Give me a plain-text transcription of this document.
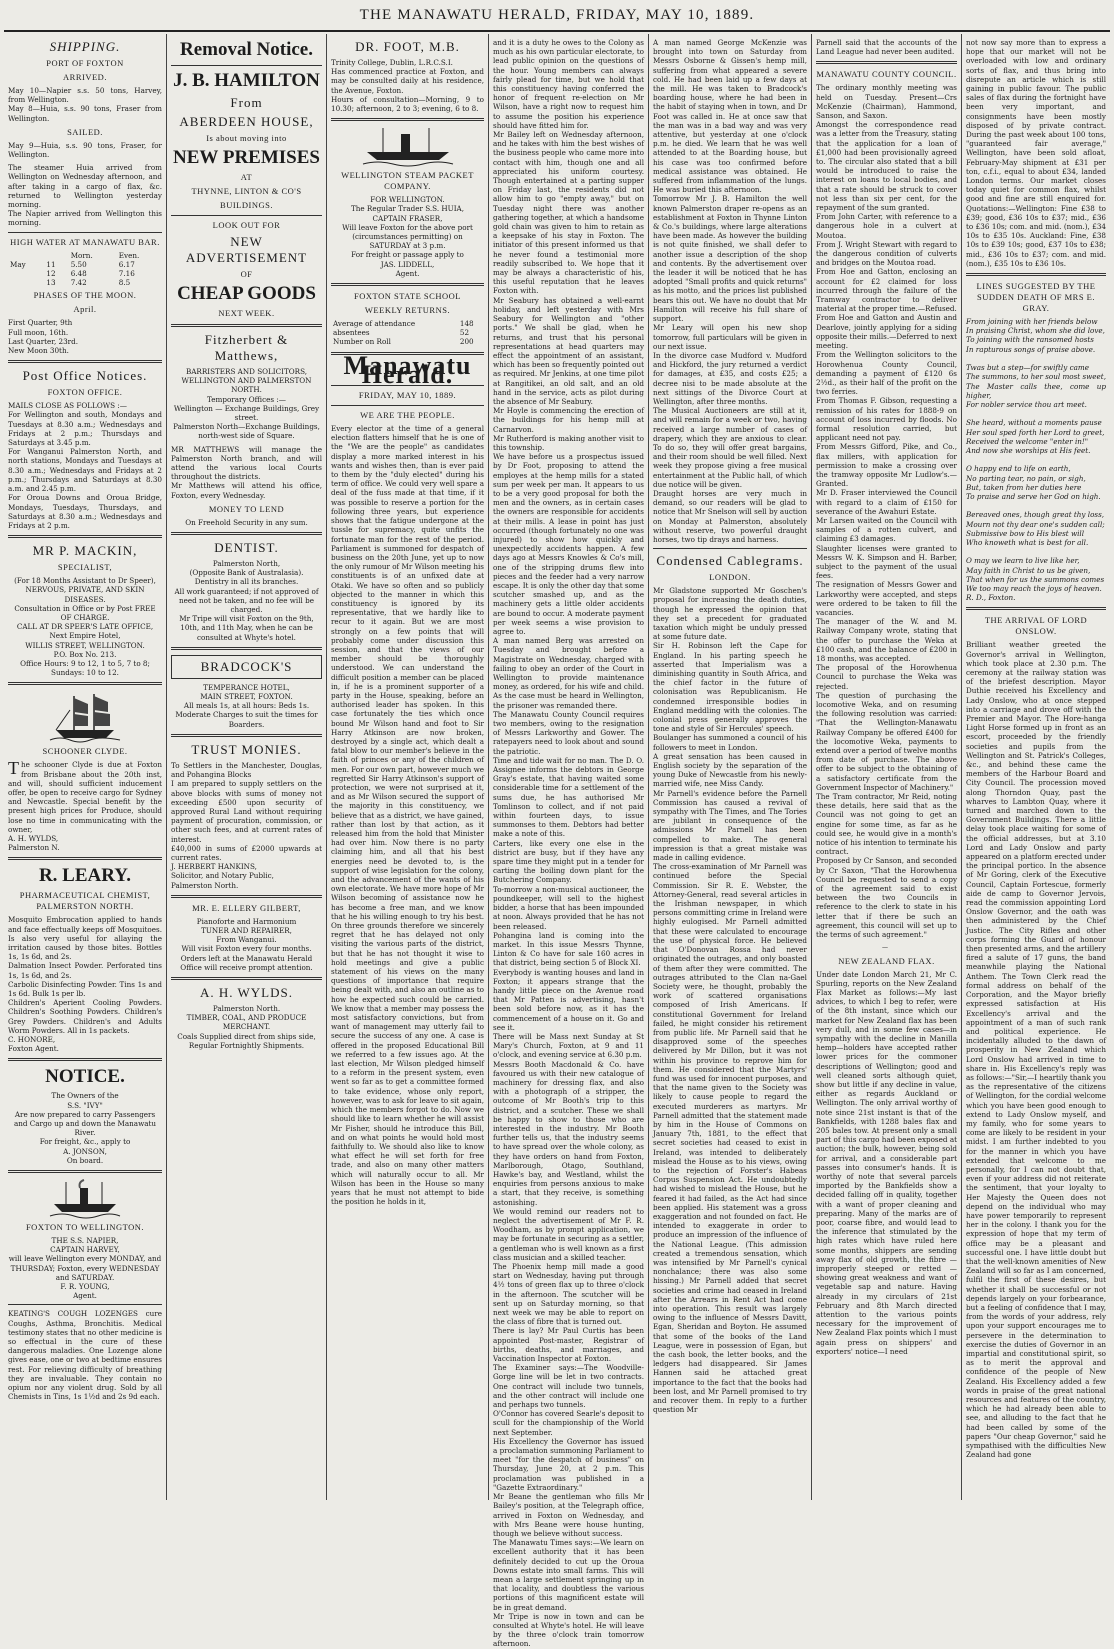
THE MANAWATU HERALD, FRIDAY, MAY 10, 1889.
SHIPPING.
PORT OF FOXTON
ARRIVED.
May 10—Napier s.s. 50 tons, Harvey, from Wellington.
May 8—Huia, s.s. 90 tons, Fraser from Wellington.
SAILED.
May 9—Huia, s.s. 90 tons, Fraser, for Wellington.
The steamer Huia arrived from Wellington on Wednesday afternoon, and after taking in a cargo of flax, &c. returned to Wellington yesterday morning.
The Napier arrived from Wellington this morning.
HIGH WATER AT MANAWATU BAR.
		Morn.	Even.
May	11	5.50	6.17
	12	6.48	7.16
	13	7.42	8.5
PHASES OF THE MOON.
April.
First Quarter, 9th
Full moon, 16th.
Last Quarter, 23rd.
New Moon 30th.
Post Office Notices.
FOXTON OFFICE.
MAILS CLOSE AS FOLLOWS :—
For Wellington and south, Mondays and Tuesdays at 8.30 a.m.; Wednesdays and Fridays at 2 p.m.; Thursdays and Saturdays at 3.45 p.m.
For Wanganui Palmerston North, and north stations, Mondays and Tuesdays at 8.30 a.m.; Wednesdays and Fridays at 2 p.m.; Thursdays and Saturdays at 8.30 a.m. and 2.45 p.m.
For Oroua Downs and Oroua Bridge, Mondays, Tuesdays, Thursdays, and Saturdays at 8.30 a.m.; Wednesdays and Fridays at 2 p.m.
MR P. MACKIN,
SPECIALIST,
(For 18 Months Assistant to Dr Speer),
NERVOUS, PRIVATE, AND SKIN DISEASES.
Consultation in Office or by Post FREE OF CHARGE.
CALL AT DR SPEER'S LATE OFFICE,
Next Empire Hotel,
WILLIS STREET, WELLINGTON.
P.O. Box No. 213.
Office Hours: 9 to 12, 1 to 5, 7 to 8; Sundays: 10 to 12.
SCHOONER CLYDE.
The schooner Clyde is due at Foxton from Brisbane about the 20th inst, and will, should sufficient inducement offer, be open to receive cargo for Sydney and Newcastle. Special benefit by the present high prices for Produce, should lose no time in communicating with the owner,
A. H. WYLDS,
Palmerston N.
R. LEARY.
PHARMACEUTICAL CHEMIST, PALMERSTON NORTH.
Mosquito Embrocation applied to hands and face effectually keeps off Mosquitoes. Is also very useful for allaying the irritation caused by those bites. Bottles 1s, 1s 6d, and 2s.
Dalmation Insect Powder. Perforated tins 1s, 1s 6d, and 2s.
Carbolic Disinfecting Powder. Tins 1s and 1s 6d. Bulk 1s per lb.
Children's Aperient Cooling Powders. Children's Soothing Powders. Children's Grey Powders. Children's and Adults Worm Powders. All in 1s packets.
C. HONORE,
Foxton Agent.
NOTICE.
The Owners of the
S.S. "IVY"
Are now prepared to carry Passengers and Cargo up and down the Manawatu River.
For freight, &c., apply to
A. JONSON,
On board.
FOXTON TO WELLINGTON.
THE S.S. NAPIER,
CAPTAIN HARVEY,
will leave Wellington every MONDAY, and THURSDAY; Foxton, every WEDNESDAY and SATURDAY.
F. R. YOUNG,
Agent.
KEATING'S COUGH LOZENGES cure Coughs, Asthma, Bronchitis. Medical testimony states that no other medicine is so effectual in the cure of these dangerous maladies. One Lozenge alone gives ease, one or two at bedtime ensures rest. For relieving difficulty of breathing they are invaluable. They contain no opium nor any violent drug. Sold by all Chemists in Tins, 1s 1½d and 2s 9d each.
Removal Notice.
J. B. HAMILTON
From
ABERDEEN HOUSE,
Is about moving into
NEW PREMISES
AT
THYNNE, LINTON & CO'S
BUILDINGS.
LOOK OUT FOR
NEW ADVERTISEMENT
OF
CHEAP GOODS
NEXT WEEK.
Fitzherbert & Matthews,
BARRISTERS AND SOLICITORS,
WELLINGTON AND PALMERSTON NORTH.
Temporary Offices :—
Wellington — Exchange Buildings, Grey street.
Palmerston North—Exchange Buildings, north-west side of Square.
MR MATTHEWS will manage the Palmerston North branch, and will attend the various local Courts throughout the districts.
Mr Matthews will attend his office, Foxton, every Wednesday.
MONEY TO LEND
On Freehold Security in any sum.
DENTIST.
Palmerston North,
(Opposite Bank of Australasia).
Dentistry in all its branches.
All work guaranteed; if not approved of need not be taken, and no fee will be charged.
Mr Tripe will visit Foxton on the 9th, 10th, and 11th May, when he can be consulted at Whyte's hotel.
BRADCOCK'S
TEMPERANCE HOTEL,
MAIN STREET, FOXTON.
All meals 1s, at all hours: Beds 1s.
Moderate Charges to suit the times for Boarders.
TRUST MONIES.
To Settlers in the Manchester, Douglas, and Pohangina Blocks
I am prepared to supply settlers on the above blocks with sums of money not exceeding £500 upon security of approved Rural Land without requiring payment of procuration, commission, or other such fees, and at current rates of interest.
£40,000 in sums of £2000 upwards at current rates.
J. HERBERT HANKINS,
Solicitor, and Notary Public,
Palmerston North.
MR. E. ELLERY GILBERT,
Pianoforte and Harmonium
TUNER AND REPAIRER,
From Wanganui.
Will visit Foxton every four months.
Orders left at the Manawatu Herald Office will receive prompt attention.
A. H. WYLDS.
Palmerston North.
TIMBER, COAL, AND PRODUCE MERCHANT.
Coals Supplied direct from ships side,
Regular Fortnightly Shipments.
DR. FOOT, M.B.
Trinity College, Dublin, L.R.C.S.I.
Has commenced practice at Foxton, and may be consulted daily at his residence, the Avenue, Foxton.
Hours of consultation—Morning, 9 to 10.30; afternoon, 2 to 3; evening, 6 to 8.
WELLINGTON STEAM PACKET COMPANY.
FOR WELLINGTON.
The Regular Trader S.S. HUIA,
CAPTAIN FRASER,
Will leave Foxton for the above port (circumstances permitting) on
SATURDAY at 3 p.m.
For freight or passage apply to
JAS. LIDDELL,
Agent.
FOXTON STATE SCHOOL
WEEKLY RETURNS.
Average of attendance	148
absentees	52
Number on Roll	200
Manawatu Herald.
FRIDAY, MAY 10, 1889.
WE ARE THE PEOPLE.
Every elector at the time of a general election flatters himself that he is one of the "We are the people" as candidates display a more marked interest in his wants and wishes then, than is ever paid to them by the "duly elected" during his term of office. We could very well spare a deal of the fuss made at that time, if it was possible to reserve a portion for the following three years, but experience shows that the fatigue undergone at the tussle for supremacy, quite unfits the fortunate man for the rest of the period. Parliament is summoned for despatch of business on the 20th June, yet up to now the only rumour of Mr Wilson meeting his constituents is of an unfixed date at Otaki. We have so often and so publicly objected to the manner in which this constituency is ignored by its representative, that we hardly like to recur to it again. But we are most strongly on a few points that will probably come under discussion this session, and that the views of our member should be thoroughly understood. We can understand the difficult position a member can be placed in, if he is a prominent supporter of a party in the House, speaking, before an authorised leader has spoken. In this case fortunately the ties which once bound Mr Wilson hand and foot to Sir Harry Atkinson are now broken, destroyed by a single act, which dealt a fatal blow to our member's believe in the faith of princes or any of the children of men. For our own part, however much we regretted Sir Harry Atkinson's support of protection, we were not surprised at it, and as Mr Wilson secured the support of the majority in this constituency, we believe that as a district, we have gained, rather than lost by that action, as it released him from the hold that Minister had over him. Now there is no party claiming him, and all that his best energies need be devoted to, is the support of wise legislation for the colony, and the advancement of the wants of his own electorate. We have more hope of Mr Wilson becoming of assistance now he has become a free man, and we know that he his willing enough to try his best. On three grounds therefore we sincerely regret that he has delayed not only visiting the various parts of the district, but that he has not thought it wise to hold meetings and give a public statement of his views on the many questions of importance that require being dealt with, and also an outline as to how he expected such could be carried. We know that a member may possess the most satisfactory convictions, but from want of management may utterly fail to secure the success of any one. A case is offered in the proposed Educational Bill we referred to a few issues ago. At the last election, Mr Wilson pledged himself to a reform in the present system, even went so far as to get a committee formed to take evidence, whose only report, however, was to ask for leave to sit again, which the members forgot to do. Now we should like to learn whether he will assist Mr Fisher, should he introduce this Bill, and on what points he would hold most faithfully to. We should also like to know what effect he will set forth for free trade, and also on many other matters which will naturally occur to all. Mr Wilson has been in the House so many years that he must not attempt to bide the position he holds in it,
and it is a duty he owes to the Colony as much as his own particular electorate, to lead public opinion on the questions of the hour. Young members can always fairly plead for time, but we hold that this constituency having conferred the honor of frequent re-election on Mr Wilson, have a right now to request him to assume the position his experience should have fitted him for.
Mr Bailey left on Wednesday afternoon, and he takes with him the best wishes of the business people who came more into contact with him, though one and all appreciated his uniform courtesy. Though entertained at a parting supper on Friday last, the residents did not allow him to go "empty away," but on Tuesday night there was another gathering together, at which a handsome gold chain was given to him to retain as a keepsake of his stay in Foxton. The initiator of this present informed us that he never found a testimonial more readily subscribed to. We hope that it may be always a characteristic of his, this useful reputation that he leaves Foxton with.
Mr Seabury has obtained a well-earnt holiday, and left yesterday with Mrs Seabury for Wellington and "other ports." We shall be glad, when he returns, and trust that his personal representations at head quarters may effect the appointment of an assistant, which has been so frequently pointed out as required. Mr Jenkins, at one time pilot at Rangitikei, an old salt, and an old hand in the service, acts as pilot during the absence of Mr Seabury.
Mr Hoyle is commencing the erection of the buildings for his hemp mill at Carnarvon.
Mr Rutherford is making another visit to this township.
We have before us a prospectus issued by Dr Foot, proposing to attend the employes at the hemp mills for a stated sum per week per man. It appears to us to be a very good proposal for both the men and the owners, as in certain cases the owners are responsible for accidents at their mills. A lease in point has just occurred (though fortunately no one was injured) to show how quickly and unexpectedly accidents happen. A few days ago at Messrs Knowles & Co's mill, one of the stripping drums flew into pieces and the feeder had a very narrow escape. It is only the other day that some scutcher smashed up, and as the machinery gets a little older accidents are bound to occur. A moderate payment per week seems a wise provision to agree to.
A man named Berg was arrested on Tuesday and brought before a Magistrate on Wednesday, charged with failing to obey an order of the Court in Wellington to provide maintenance money, as ordered, for his wife and child. As the case must be heard in Wellington, the prisoner was remanded there.
The Manawatu County Council requires two members, owing to the resignation of Messrs Larkworthy and Gower. The ratepayers need to look about and sound the patriotic.
Time and tide wait for no man. The D. O. Assignee informs the debtors in George Gray's estate, that having waited some considerable time for a settlement of the sums due, he has authorised Mr Tomlinson to collect, and if not paid within fourteen days, to issue summonses to them. Debtors had better make a note of this.
Carters, like every one else in the district are busy, but if they have any spare time they might put in a tender for carting the boiling down plant for the Butchering Company.
To-morrow a non-musical auctioneer, the poundkeeper, will sell to the highest bidder, a horse that has been impounded at noon. Always provided that he has not been released.
Pohangina land is coming into the market. In this issue Messrs Thynne, Linton & Co have for sale 160 acres in that district, being section 5 of Block XI.
Everybody is wanting houses and land in Foxton; it appears strange that the handy little piece on the Avenue road that Mr Patten is advertising, hasn't been sold before now, as it has the commencement of a house on it. Go and see it.
There will be Mass next Sunday at St Mary's Church, Foxton, at 9 and 11 o'clock, and evening service at 6.30 p.m.
Messrs Booth Macdonald & Co. have favoured us with their new catalogue of machinery for dressing flax, and also with a photograph of a stripper, the outcome of Mr Booth's trip to this district, and a scutcher. These we shall be happy to show to those who are interested in the industry. Mr Booth further tells us, that the industry seems to have spread over the whole colony, as they have orders on hand from Foxton, Marlborough, Otago, Southland, Hawke's bay, and Westland, whilst the enquiries from persons anxious to make a start, that they receive, is something astonishing.
We would remind our readers not to neglect the advertisement of Mr F. R. Woodham, as by prompt application, we may be fortunate in securing as a settler, a gentleman who is well known as a first class musician and a skilled teacher.
The Phoenix hemp mill made a good start on Wednesday, having put through 4½ tons of green flax up to three o'clock in the afternoon. The scutcher will be sent up on Saturday morning, so that next week we may be able to report on the class of fibre that is turned out.
There is lay? Mr Paul Curtis has been appointed Post-master, Registrar of births, deaths, and marriages, and Vaccination Inspector at Foxton.
The Examiner says:—The Woodville-Gorge line will be let in two contracts. One contract will include two tunnels, and the other contract will include one and perhaps two tunnels.
O'Connor has covered Searle's deposit to scull for the championship of the World next September.
His Excellency the Governor has issued a proclamation summoning Parliament to meet "for the despatch of business" on Thursday, June 20, at 2 p.m. This proclamation was published in a "Gazette Extraordinary."
Mr Beane the gentleman who fills Mr Bailey's position, at the Telegraph office, arrived in Foxton on Wednesday, and with Mrs Beane were house hunting, though we believe without success.
The Manawatu Times says:—We learn on excellent authority that it has been definitely decided to cut up the Oroua Downs estate into small farms. This will mean a large settlement springing up in that locality, and doubtless the various portions of this magnificent estate will be in great demand.
Mr Tripe is now in town and can be consulted at Whyte's hotel. He will leave by the three o'clock train tomorrow afternoon.
A man named George McKenzie was brought into town on Saturday from Messrs Osborne & Gissen's hemp mill, suffering from what appeared a severe cold. He had been laid up a few days at the mill. He was taken to Bradcock's boarding house, where he had been in the habit of staying when in town, and Dr Foot was called in. He at once saw that the man was in a bad way and was very attentive, but yesterday at one o'clock p.m. he died. We learn that he was well attended to at the Boarding house, but his case was too confirmed before medical assistance was obtained. He suffered from inflammation of the lungs. He was buried this afternoon.
Tomorrow Mr J. B. Hamilton the well known Palmerston draper re-opens as an establishment at Foxton in Thynne Linton & Co.'s buildings, where large alterations have been made. As however the building is not quite finished, we shall defer to another issue a description of the shop and contents. By the advertisement over the leader it will be noticed that he has adopted "Small profits and quick returns" as his motto, and the prices list published bears this out. We have no doubt that Mr Hamilton will receive his full share of support.
Mr Leary will open his new shop tomorrow, full particulars will be given in our next issue.
In the divorce case Mudford v. Mudford and Hickford, the jury returned a verdict for damages, at £35, and costs £25; a decree nisi to be made absolute at the next sittings of the Divorce Court at Wellington, after three months.
The Musical Auctioneers are still at it, and will remain for a week or two, having received a large number of cases of drapery, which they are anxious to clear. To do so, they will offer great bargains, and their room should be well filled. Next week they propose giving a free musical entertainment at the Public hall, of which due notice will be given.
Draught horses are very much in demand, so our readers will be glad to notice that Mr Snelson will sell by auction on Monday at Palmerston, absolutely without reserve, two powerful draught horses, two tip drays and harness.
Condensed Cablegrams.
LONDON.
Mr Gladstone supported Mr Goschen's proposal for increasing the death duties, though he expressed the opinion that they set a precedent for graduated taxation which might be unduly pressed at some future date.
Sir H. Robinson left the Cape for England. In his parting speech he asserted that Imperialism was a diminishing quantity in South Africa, and the chief factor in the future of colonisation was Republicanism. He condemned irresponsible bodies in England meddling with the colonies. The colonial press generally approves the tone and style of Sir Hercules' speech.
Boulanger has summoned a council of his followers to meet in London.
A great sensation has been caused in English society by the separation of the young Duke of Newcastle from his newly-married wife, nee Miss Candy.
Mr Parnell's evidence before the Parnell Commission has caused a revival of sympathy with The Times, and The Tories are jubilant in consequence of the admissions Mr Parnell has been compelled to make. The general impression is that a great mistake was made in calling evidence.
The cross-examination of Mr Parnell was continued before the Special Commission. Sir R. E. Webster, the Attorney-General, read several articles in the Irishman newspaper, in which persons committing crime in Ireland were highly eulogised. Mr Parnell admitted that these were calculated to encourage the use of physical force. He believed that O'Donovan Rossa had never originated the outrages, and only boasted of them after they were committed. The outrages attributed to the Clan na-Gael Society were, he thought, probably the work of scattered organisations composed of Irish Americans. If constitutional Government for Ireland failed, he might consider his retirement from public life. Mr Parnell said that he disapproved some of the speeches delivered by Mr Dillon, but it was not within his province to reprove him for them. He considered that the Martyrs' fund was used for innocent purposes, and that the name given to the Society was likely to cause people to regard the executed murderers as martyrs. Mr Parnell admitted that the statement made by him in the House of Commons on January 7th, 1881, to the effect that secret societies had ceased to exist in Ireland, was intended to deliberately mislead the House as to his views, owing to the rejection of Forster's Habeas Corpus Suspension Act. He undoubtedly had wished to mislead the House, but he feared it had failed, as the Act had since been applied. His statement was a gross exaggeration and not founded on fact. He intended to exaggerate in order to produce an impression of the influence of the National League. (This admission created a tremendous sensation, which was intensified by Mr Parnell's cynical nonchalance; there was also some hissing.) Mr Parnell added that secret societies and crime had ceased in Ireland after the Arrears in Rent Act had come into operation. This result was largely owing to the influence of Messrs Davitt, Egan, Sheridan and Boyton. He assumed that some of the books of the Land League, were in possession of Egan, but the cash book, the letter books, and the ledgers had disappeared. Sir James Hannen said he attached great importance to the fact that the books had been lost, and Mr Parnell promised to try and recover them. In reply to a further question Mr
Parnell said that the accounts of the Land League had never been audited.
MANAWATU COUNTY COUNCIL.
The ordinary monthly meeting was held on Tuesday. Present—Crs McKenzie (Chairman), Hammond, Sanson, and Saxon.
Amongst the correspondence read was a letter from the Treasury, stating that the application for a loan of £1,000 had been provisionally agreed to. The circular also stated that a bill would be introduced to raise the interest on loans to local bodies, and that a rate should be struck to cover not less than six per cent, for the repayment of the sum granted.
From John Carter, with reference to a dangerous hole in a culvert at Moutoa.
From J. Wright Stewart with regard to the dangerous condition of culverts and bridges on the Moutoa road.
From Hoe and Gatton, enclosing an account for £2 claimed for loss incurred through the failure of the Tramway contractor to deliver material at the proper time.—Refused.
From Hoe and Gatton and Austin and Dearlove, jointly applying for a siding opposite their mills.—Deferred to next meeting.
From the Wellington solicitors to the Horowhenua County Council, demanding a payment of £120 6s 2½d., as their half of the profit on the two ferries.
From Thomas F. Gibson, requesting a remission of his rates for 1888-9 on account of loss incurred by floods. No formal resolution carried, but applicant need not pay.
From Messrs Gifford, Pike, and Co., flax millers, with application for permission to make a crossing over the tramway opposite Mr Ludlow's.—Granted.
Mr D. Fraser interviewed the Council with regard to a claim of £150 for severance of the Awahuri Estate.
Mr Larsen waited on the Council with samples of a rotten culvert, and claiming £3 damages.
Slaughter licenses were granted to Messrs W. K. Simpson and H. Barber, subject to the payment of the usual fees.
The resignation of Messrs Gower and Larkworthy were accepted, and steps were ordered to be taken to fill the vacancies.
The manager of the W. and M. Railway Company wrote, stating that the offer to purchase the Weka at £100 cash, and the balance of £200 in 18 months, was accepted.
The proposal of the Horowhenua Council to purchase the Weka was rejected.
The question of purchasing the locomotive Weka, and on resuming the following resolution was carried: "That the Wellington-Manawatu Railway Company be offered £400 for the locomotive Weka, payments to extend over a period of twelve months from date of purchase. The above offer to be subject to the obtaining of a satisfactory certificate from the Government Inspector of Machinery."
The Tram contractor, Mr Reid, noting these details, here said that as the Council was not going to get an engine for some time, as far as he could see, he would give in a month's notice of his intention to terminate his contract.
Proposed by Cr Sanson, and seconded by Cr Saxon, "That the Horowhenua Council be requested to send a copy of the agreement said to exist between the two Councils in reference to the clerk to state in his letter that if there be such an agreement, this council will set up to the terms of such agreement."
—
NEW ZEALAND FLAX.
Under date London March 21, Mr C. Spurling, reports on the New Zealand Flax Market as follows:—My last advices, to which I beg to refer, were of the 8th instant, since which our market for New Zealand flax has been very dull, and in some few cases—in sympathy with the decline in Manilla hemp—holders have accepted rather lower prices for the commoner descriptions of Wellington; good and well cleaned sorts although quiet, show but little if any decline in value, either as regards Auckland or Wellington. The only arrival worthy of note since 21st instant is that of the Bankfields, with 1288 bales flax and 205 bales tow. At present only a small part of this cargo had been exposed at auction; the bulk, however, being sold for arrival, and a considerable part passes into consumer's hands. It is worthy of note that several parcels imported by the Bankfields show a decided falling off in quality, together with a want of proper cleaning and preparing. Many of the marks are of poor, coarse fibre, and would lead to the inference that stimulated by the high rates which have ruled here some months, shippers are sending away flax of old growth, the fibre — improperly steeped or retted — showing great weakness and want of vegetable sap and nature. Having already in my circulars of 21st February and 8th March directed attention to the various points necessary for the improvement of New Zealand Flax points which I must again press on shippers' and exporters' notice—I need
not now say more than to express a hope that our market will not be overloaded with low and ordinary sorts of flax, and thus bring into disrepute an article which is still gaining in public favour. The public sales of flax during the fortnight have been very important, and consignments have been mostly disposed of by private contract. During the past week about 100 tons, "guaranteed fair average," Wellington, have been sold afloat, February-May shipment at £31 per ton, c.f.i., equal to about £34, landed London terms. Our market closes today quiet for common flax, whilst good and fine are still enquired for. Quotations:—Wellington: Fine £38 to £39; good, £36 10s to £37; mid., £36 to £36 10s; com. and mid. (nom.), £34 10s to £35 10s. Auckland: Fine, £38 10s to £39 10s; good, £37 10s to £38; mid., £36 10s to £37; com. and mid. (nom.), £35 10s to £36 10s.
LINES SUGGESTED BY THE SUDDEN DEATH OF MRS E. GRAY.
From joining with her friends below
In praising Christ, whom she did love,
To joining with the ransomed hosts
In rapturous songs of praise above.

Twas but a step—for swiftly came
The summons, to her soul most sweet,
The Master calls thee, come up higher,
For nobler service thou art meet.

She heard, without a moments pause
Her soul sped forth her Lord to greet,
Received the welcome "enter in!"
And now she worships at His feet.

O happy end to life on earth,
No parting tear, no pain, or sigh,
But, taken from her duties here
To praise and serve her God on high.

Bereaved ones, though great thy loss,
Mourn not thy dear one's sudden call;
Submissive bow to His blest will
Who knoweth what is best for all.

O may we learn to live like her,
May faith in Christ to us be given,
That when for us the summons comes
We too may reach the joys of heaven.
R. D., Foxton.
THE ARRIVAL OF LORD ONSLOW.
Brilliant weather greeted the Governor's arrival in Wellington, which took place at 2.30 p.m. The ceremony at the railway station was of the briefest description. Mayor Duthie received his Excellency and Lady Onslow, who at once stepped into a carriage and drove off with the Premier and Mayor. The Hore-hanga Light Horse formed up in front as an escort, proceeded by the friendly societies and pupils from the Wellington and St. Patrick's Colleges, &c., and behind these came the members of the Harbour Board and City Council. The procession moved along Thorndon Quay, past the wharves to Lambton Quay, where it turned and marched down to the Government Buildings. There a little delay took place waiting for some of the official addresses, but at 3.10 Lord and Lady Onslow and party appeared on a platform erected under the principal portico. In the absence of Mr Goring, clerk of the Executive Council, Captain Fortescue, formerly aide de camp to Governor Jervois, read the commission appointing Lord Onslow Governor, and the oath was then administered by the Chief Justice. The City Rifles and other corps forming the Guard of honour then presented arms, and the artillery fired a salute of 17 guns, the band meanwhile playing the National Anthem. The Town Clerk read the formal address on behalf of the Corporation, and the Mayor briefly expressed satisfaction at His Excellency's arrival and the appointment of a man of such rank and political experience. He incidentally alluded to the dawn of prosperity in New Zealand which Lord Onslow had arrived in time to share in. His Excellency's reply was as follows:—"Sir,—I heartily thank you as the representative of the citizens of Wellington, for the cordial welcome which you have been good enough to extend to Lady Onslow myself, and my family, who for some years to come are likely to be resident in your midst. I am further indebted to you for the manner in which you have extended that welcome to me personally, for I can not doubt that, even if your address did not reiterate the sentiment, that your loyalty to Her Majesty the Queen does not depend on the individual who may have power temporarily to represent her in the colony. I thank you for the expression of hope that my term of office may be a pleasant and successful one. I have little doubt but that the well-known amenities of New Zealand will so far as I am concerned, fulfil the first of these desires, but whether it shall be successful or not depends largely on your forbearance, but a feeling of confidence that I may, from the words of your address, rely upon your support encourages me to persevere in the determination to exercise the duties of Governor in an impartial and constitutional spirit, so as to merit the approval and confidence of the people of New Zealand. His Excellency added a few words in praise of the great national resources and features of the country, which he had already been able to see, and alluding to the fact that he had been called by some of the papers "Our cheap Governor," said he sympathised with the difficulties New Zealand had gone
